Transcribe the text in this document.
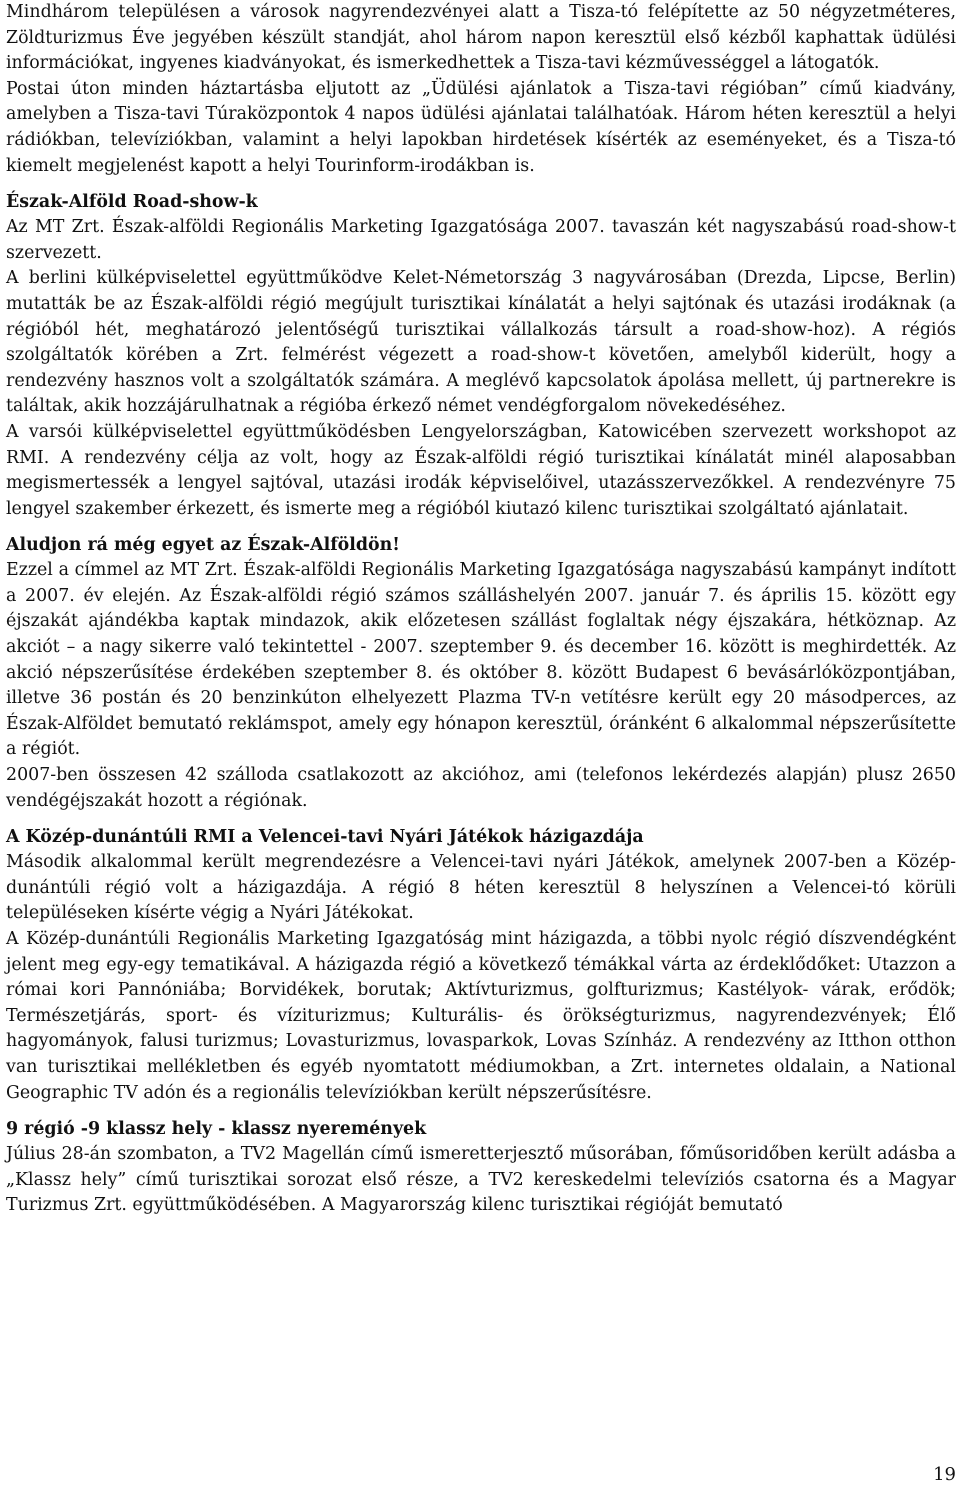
Mindhárom településen a városok nagyrendezvényei alatt a Tisza-tó felépítette az 50 négyzetméteres, Zöldturizmus Éve jegyében készült standját, ahol három napon keresztül első kézből kaphattak üdülési információkat, ingyenes kiadványokat, és ismerkedhettek a Tisza-tavi kézművességgel a látogatók.

Postai úton minden háztartásba eljutott az „Üdülési ajánlatok a Tisza-tavi régióban” című kiadvány, amelyben a Tisza-tavi Túraközpontok 4 napos üdülési ajánlatai találhatóak. Három héten keresztül a helyi rádiókban, televíziókban, valamint a helyi lapokban hirdetések kísérték az eseményeket, és a Tisza-tó kiemelt megjelenést kapott a helyi Tourinform-irodákban is.

Észak-Alföld Road-show-k

Az MT Zrt. Észak-alföldi Regionális Marketing Igazgatósága 2007. tavaszán két nagyszabású road-show-t szervezett.

A berlini külképviselettel együttműködve Kelet-Németország 3 nagyvárosában (Drezda, Lipcse, Berlin) mutatták be az Észak-alföldi régió megújult turisztikai kínálatát a helyi sajtónak és utazási irodáknak (a régióból hét, meghatározó jelentőségű turisztikai vállalkozás társult a road-show-hoz). A régiós szolgáltatók körében a Zrt. felmérést végezett a road-show-t követően, amelyből kiderült, hogy a rendezvény hasznos volt a szolgáltatók számára. A meglévő kapcsolatok ápolása mellett, új partnerekre is találtak, akik hozzájárulhatnak a régióba érkező német vendégforgalom növekedéséhez.

A varsói külképviselettel együttműködésben Lengyelországban, Katowicében szervezett workshopot az RMI. A rendezvény célja az volt, hogy az Észak-alföldi régió turisztikai kínálatát minél alaposabban megismertessék a lengyel sajtóval, utazási irodák képviselőivel, utazásszervezőkkel. A rendezvényre 75 lengyel szakember érkezett, és ismerte meg a régióból kiutazó kilenc turisztikai szolgáltató ajánlatait.

Aludjon rá még egyet az Észak-Alföldön!

Ezzel a címmel az MT Zrt. Észak-alföldi Regionális Marketing Igazgatósága nagyszabású kampányt indított a 2007. év elején. Az Észak-alföldi régió számos szálláshelyén 2007. január 7. és április 15. között egy éjszakát ajándékba kaptak mindazok, akik előzetesen szállást foglaltak négy éjszakára, hétköznap. Az akciót – a nagy sikerre való tekintettel - 2007. szeptember 9. és december 16. között is meghirdették. Az akció népszerűsítése érdekében szeptember 8. és október 8. között Budapest 6 bevásárlóközpontjában, illetve 36 postán és 20 benzinkúton elhelyezett Plazma TV-n vetítésre került egy 20 másodperces, az Észak-Alföldet bemutató reklámspot, amely egy hónapon keresztül, óránként 6 alkalommal népszerűsítette a régiót.

2007-ben összesen 42 szálloda csatlakozott az akcióhoz, ami (telefonos lekérdezés alapján) plusz 2650 vendégéjszakát hozott a régiónak.

A Közép-dunántúli RMI a Velencei-tavi Nyári Játékok házigazdája

Második alkalommal került megrendezésre a Velencei-tavi nyári Játékok, amelynek 2007-ben a Közép-dunántúli régió volt a házigazdája. A régió 8 héten keresztül 8 helyszínen a Velencei-tó körüli településeken kísérte végig a Nyári Játékokat.

A Közép-dunántúli Regionális Marketing Igazgatóság mint házigazda, a többi nyolc régió díszvendégként jelent meg egy-egy tematikával. A házigazda régió a következő témákkal várta az érdeklődőket: Utazzon a római kori Pannóniába; Borvidékek, borutak; Aktívturizmus, golfturizmus; Kastélyok- várak, erődök; Természetjárás, sport- és víziturizmus; Kulturális- és örökségturizmus, nagyrendezvények; Élő hagyományok, falusi turizmus; Lovasturizmus, lovasparkok, Lovas Színház. A rendezvény az Itthon otthon van turisztikai mellékletben és egyéb nyomtatott médiumokban, a Zrt. internetes oldalain, a National Geographic TV adón és a regionális televíziókban került népszerűsítésre.

9 régió -9 klassz hely - klassz nyeremények

Július 28-án szombaton, a TV2 Magellán című ismeretterjesztő műsorában, főműsoridőben került adásba a „Klassz hely” című turisztikai sorozat első része, a TV2 kereskedelmi televíziós csatorna és a Magyar Turizmus Zrt. együttműködésében. A Magyarország kilenc turisztikai régióját bemutató

19
